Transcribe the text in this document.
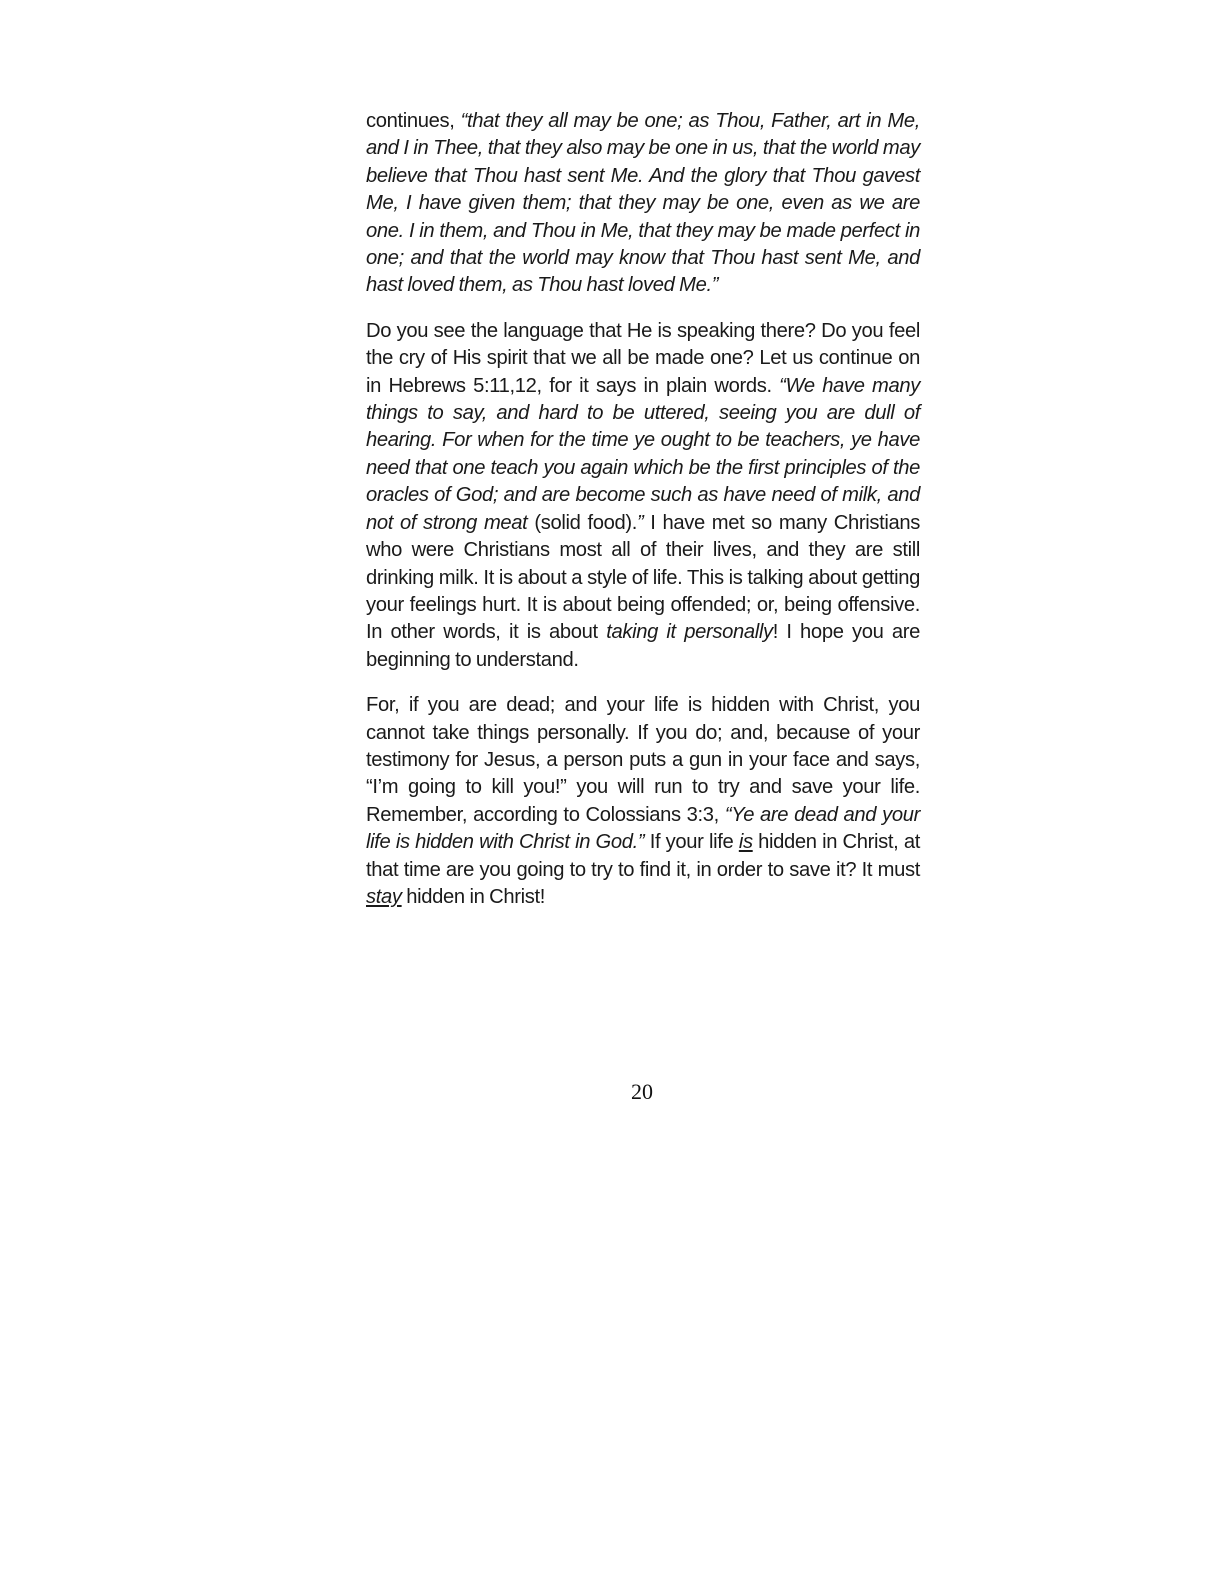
continues, “that they all may be one; as Thou, Father, art in Me, and I in Thee, that they also may be one in us, that the world may believe that Thou hast sent Me. And the glory that Thou gavest Me, I have given them; that they may be one, even as we are one. I in them, and Thou in Me, that they may be made perfect in one; and that the world may know that Thou hast sent Me, and hast loved them, as Thou hast loved Me.”

Do you see the language that He is speaking there? Do you feel the cry of His spirit that we all be made one? Let us continue on in Hebrews 5:11,12, for it says in plain words. “We have many things to say, and hard to be uttered, seeing you are dull of hearing. For when for the time ye ought to be teachers, ye have need that one teach you again which be the first principles of the oracles of God; and are become such as have need of milk, and not of strong meat (solid food).” I have met so many Christians who were Christians most all of their lives, and they are still drinking milk. It is about a style of life. This is talking about getting your feelings hurt. It is about being offended; or, being offensive. In other words, it is about taking it personally! I hope you are beginning to understand.

For, if you are dead; and your life is hidden with Christ, you cannot take things personally. If you do; and, because of your testimony for Jesus, a person puts a gun in your face and says, “I’m going to kill you!” you will run to try and save your life. Remember, according to Colossians 3:3, “Ye are dead and your life is hidden with Christ in God.” If your life is hidden in Christ, at that time are you going to try to find it, in order to save it? It must stay hidden in Christ!

20
